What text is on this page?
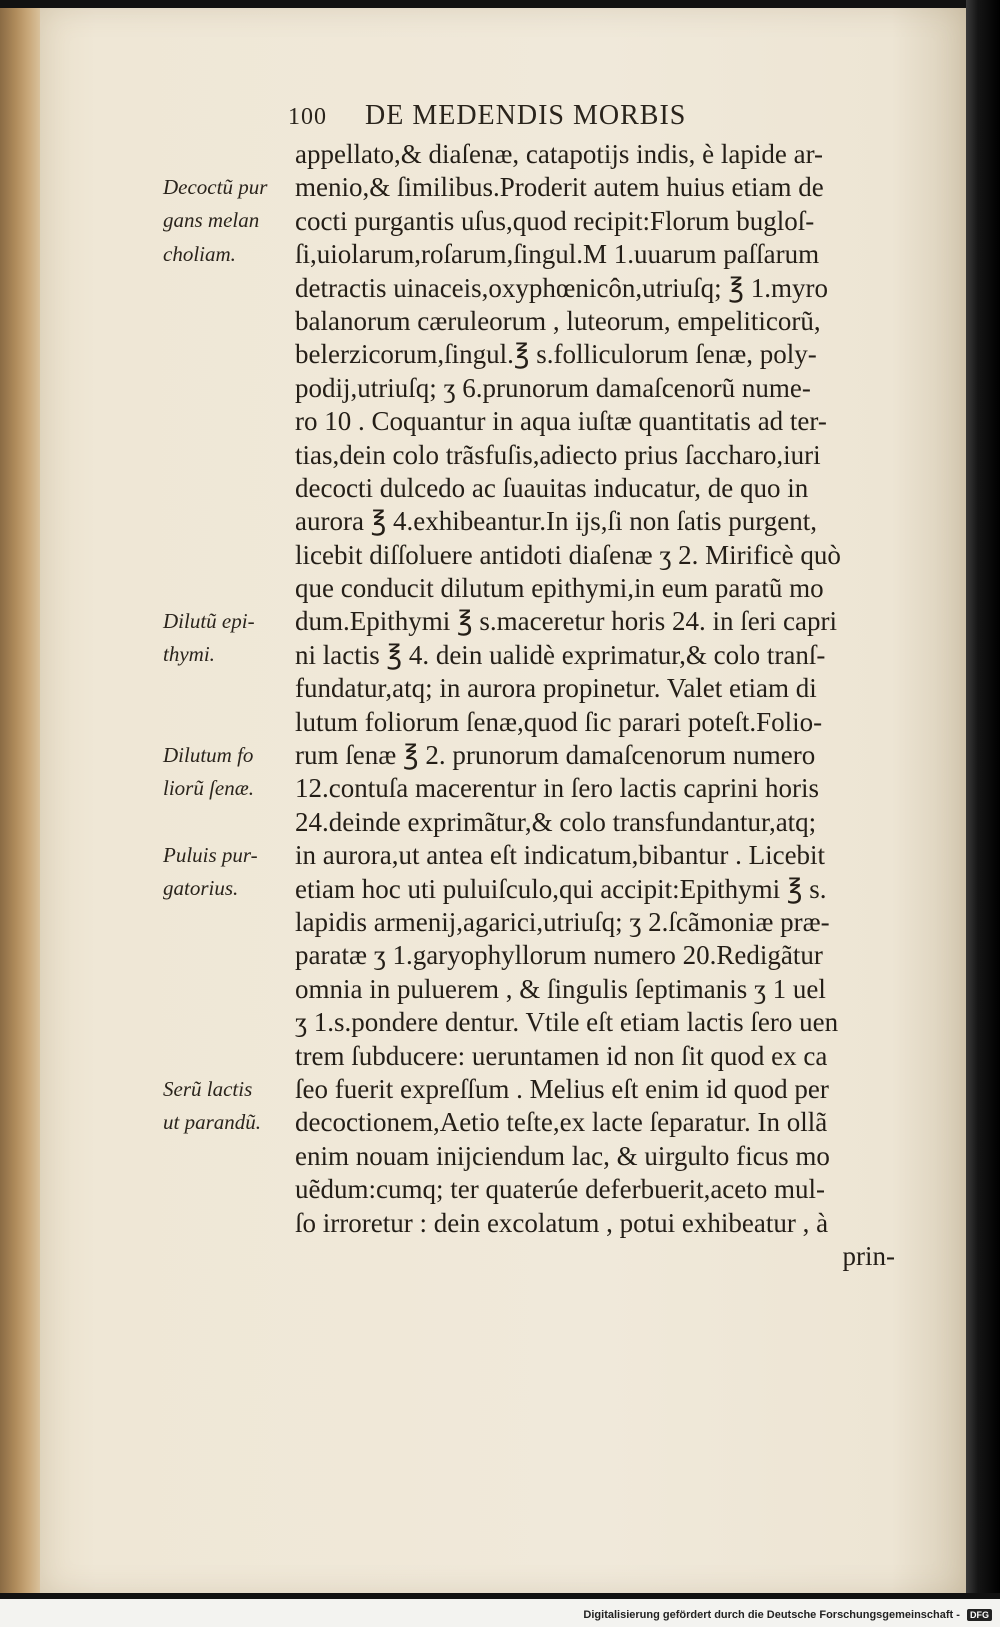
100 DE MEDENDIS MORBIS
appellato,& diaſenæ, catapotijs indis, è lapide ar-
menio,& ſimilibus.Proderit autem huius etiam de
cocti purgantis uſus,quod recipit:Florum bugloſ-
ſi,uiolarum,roſarum,ſingul.M 1.uuarum paſſarum
detractis uinaceis,oxyphœnicôn,utriuſq; ℥ 1.myro
balanorum cæruleorum , luteorum, empeliticorũ,
belerzicorum,ſingul.℥ s.folliculorum ſenæ, poly-
podij,utriuſq; ʒ 6.prunorum damaſcenorũ nume-
ro 10 . Coquantur in aqua iuſtæ quantitatis ad ter-
tias,dein colo trãsfuſis,adiecto prius ſaccharo,iuri
decocti dulcedo ac ſuauitas inducatur, de quo in
aurora ℥ 4.exhibeantur.In ijs,ſi non ſatis purgent,
licebit diſſoluere antidoti diaſenæ ʒ 2. Mirificè quò
que conducit dilutum epithymi,in eum paratũ mo
dum.Epithymi ℥ s.maceretur horis 24. in ſeri capri
ni lactis ℥ 4. dein ualidè exprimatur,& colo tranſ-
fundatur,atq; in aurora propinetur. Valet etiam di
lutum foliorum ſenæ,quod ſic parari poteſt.Folio-
rum ſenæ ℥ 2. prunorum damaſcenorum numero
12.contuſa macerentur in ſero lactis caprini horis
24.deinde exprimãtur,& colo transfundantur,atq;
in aurora,ut antea eſt indicatum,bibantur . Licebit
etiam hoc uti puluiſculo,qui accipit:Epithymi ℥ s.
lapidis armenij,agarici,utriuſq; ʒ 2.ſcãmoniæ præ-
paratæ ʒ 1.garyophyllorum numero 20.Redigãtur
omnia in puluerem , & ſingulis ſeptimanis ʒ 1 uel
ʒ 1.s.pondere dentur. Vtile eſt etiam lactis ſero uen
trem ſubducere: ueruntamen id non ſit quod ex ca
ſeo fuerit expreſſum . Melius eſt enim id quod per
decoctionem,Aetio teſte,ex lacte ſeparatur. In ollã
enim nouam inijciendum lac, & uirgulto ficus mo
uẽdum:cumq; ter quaterúe deferbuerit,aceto mul-
ſo irroretur : dein excolatum , potui exhibeatur , à
prin-
Decoctũ pur
gans melan
choliam.
Dilutũ epi-
thymi.
Dilutum fo
liorũ ſenæ.
Puluis pur-
gatorius.
Serũ lactis
ut parandũ.
Digitalisierung gefördert durch die Deutsche Forschungsgemeinschaft - DFG
